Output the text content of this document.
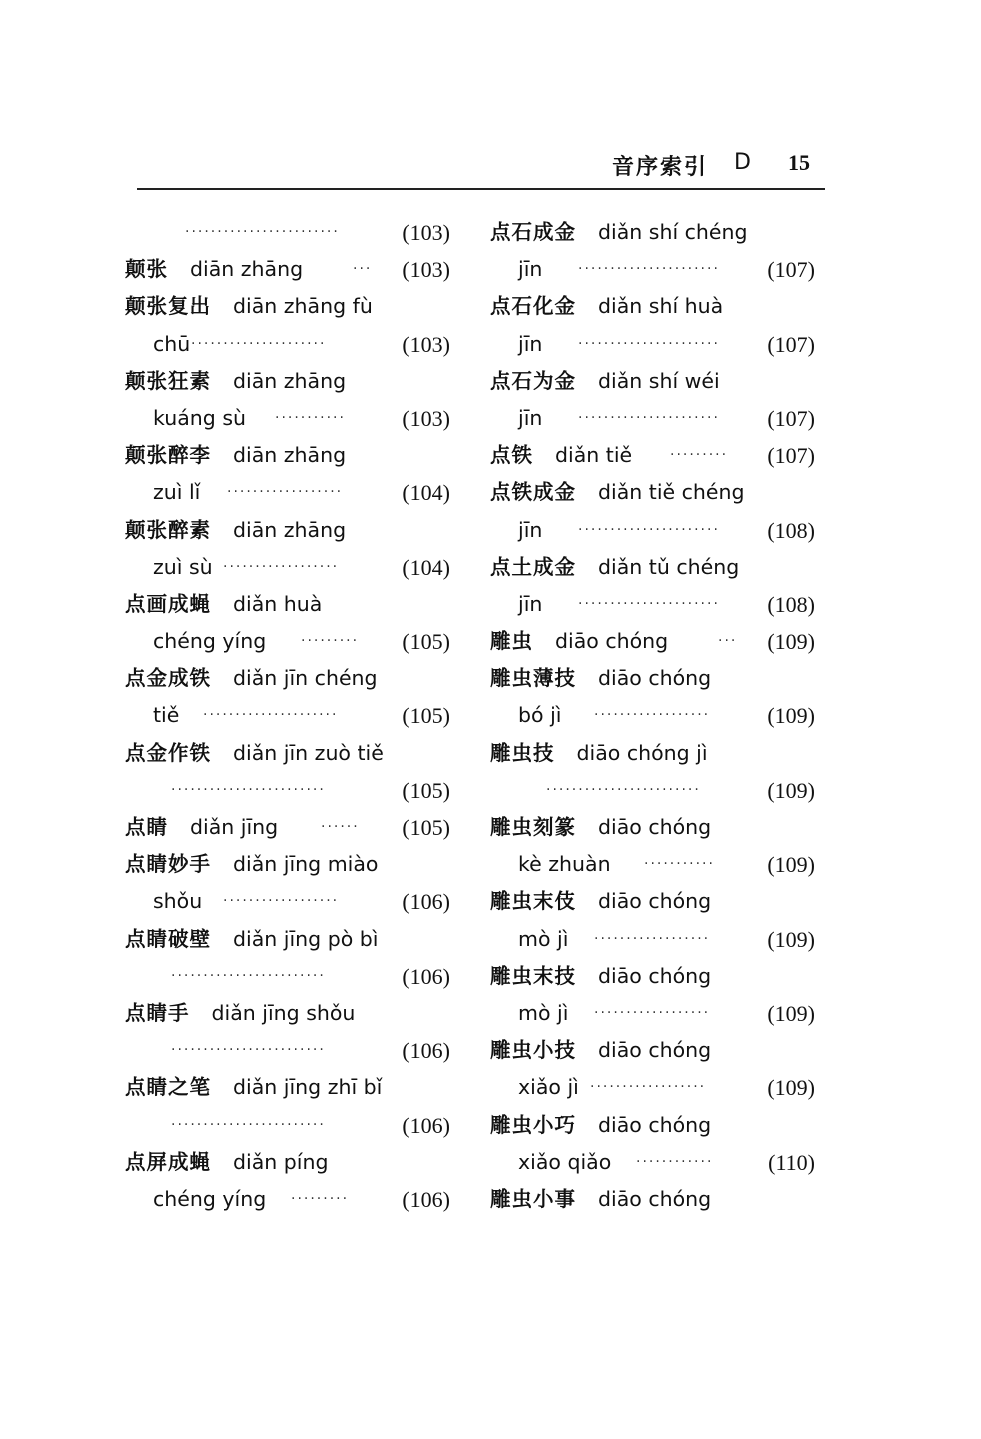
音序索引 D 15
························	(103)
颠张 diān zhāng	··· (103)
颠张复出 diān zhāng fù
chū ·····················	(103)
颠张狂素 diān zhāng
kuáng sù ···········	(103)
颠张醉李 diān zhāng
zuì lǐ ··················	(104)
颠张醉素 diān zhāng
zuì sù ··················	(104)
点画成蝇 diǎn huà
chéng yíng ········· (105)
点金成铁 diǎn jīn chéng
tiě ·····················	(105)
点金作铁 diǎn jīn zuò tiě
························	(105)
点睛 diǎn jīng	······ (105)
点睛妙手 diǎn jīng miào
shǒu ··················	(106)
点睛破壁 diǎn jīng pò bì
························	(106)
点睛手 diǎn jīng shǒu
························	(106)
点睛之笔 diǎn jīng zhī bǐ
························	(106)
点屏成蝇 diǎn píng
chéng yíng ········· (106)
点石成金 diǎn shí chéng
jīn	······················ (107)
点石化金 diǎn shí huà
jīn	······················ (107)
点石为金 diǎn shí wéi
jīn	······················ (107)
点铁 diǎn tiě	········· (107)
点铁成金 diǎn tiě chéng
jīn	······················ (108)
点土成金 diǎn tǔ chéng
jīn	······················ (108)
雕虫 diāo chóng	··· (109)
雕虫薄技 diāo chóng
bó jì ··················	(109)
雕虫技 diāo chóng jì
························	(109)
雕虫刻篆 diāo chóng
kè zhuàn ··········· (109)
雕虫末伎 diāo chóng
mò jì ··················	(109)
雕虫末技 diāo chóng
mò jì ··················	(109)
雕虫小技 diāo chóng
xiǎo jì ··················	(109)
雕虫小巧 diāo chóng
xiǎo qiǎo ············ (110)
雕虫小事 diāo chóng
